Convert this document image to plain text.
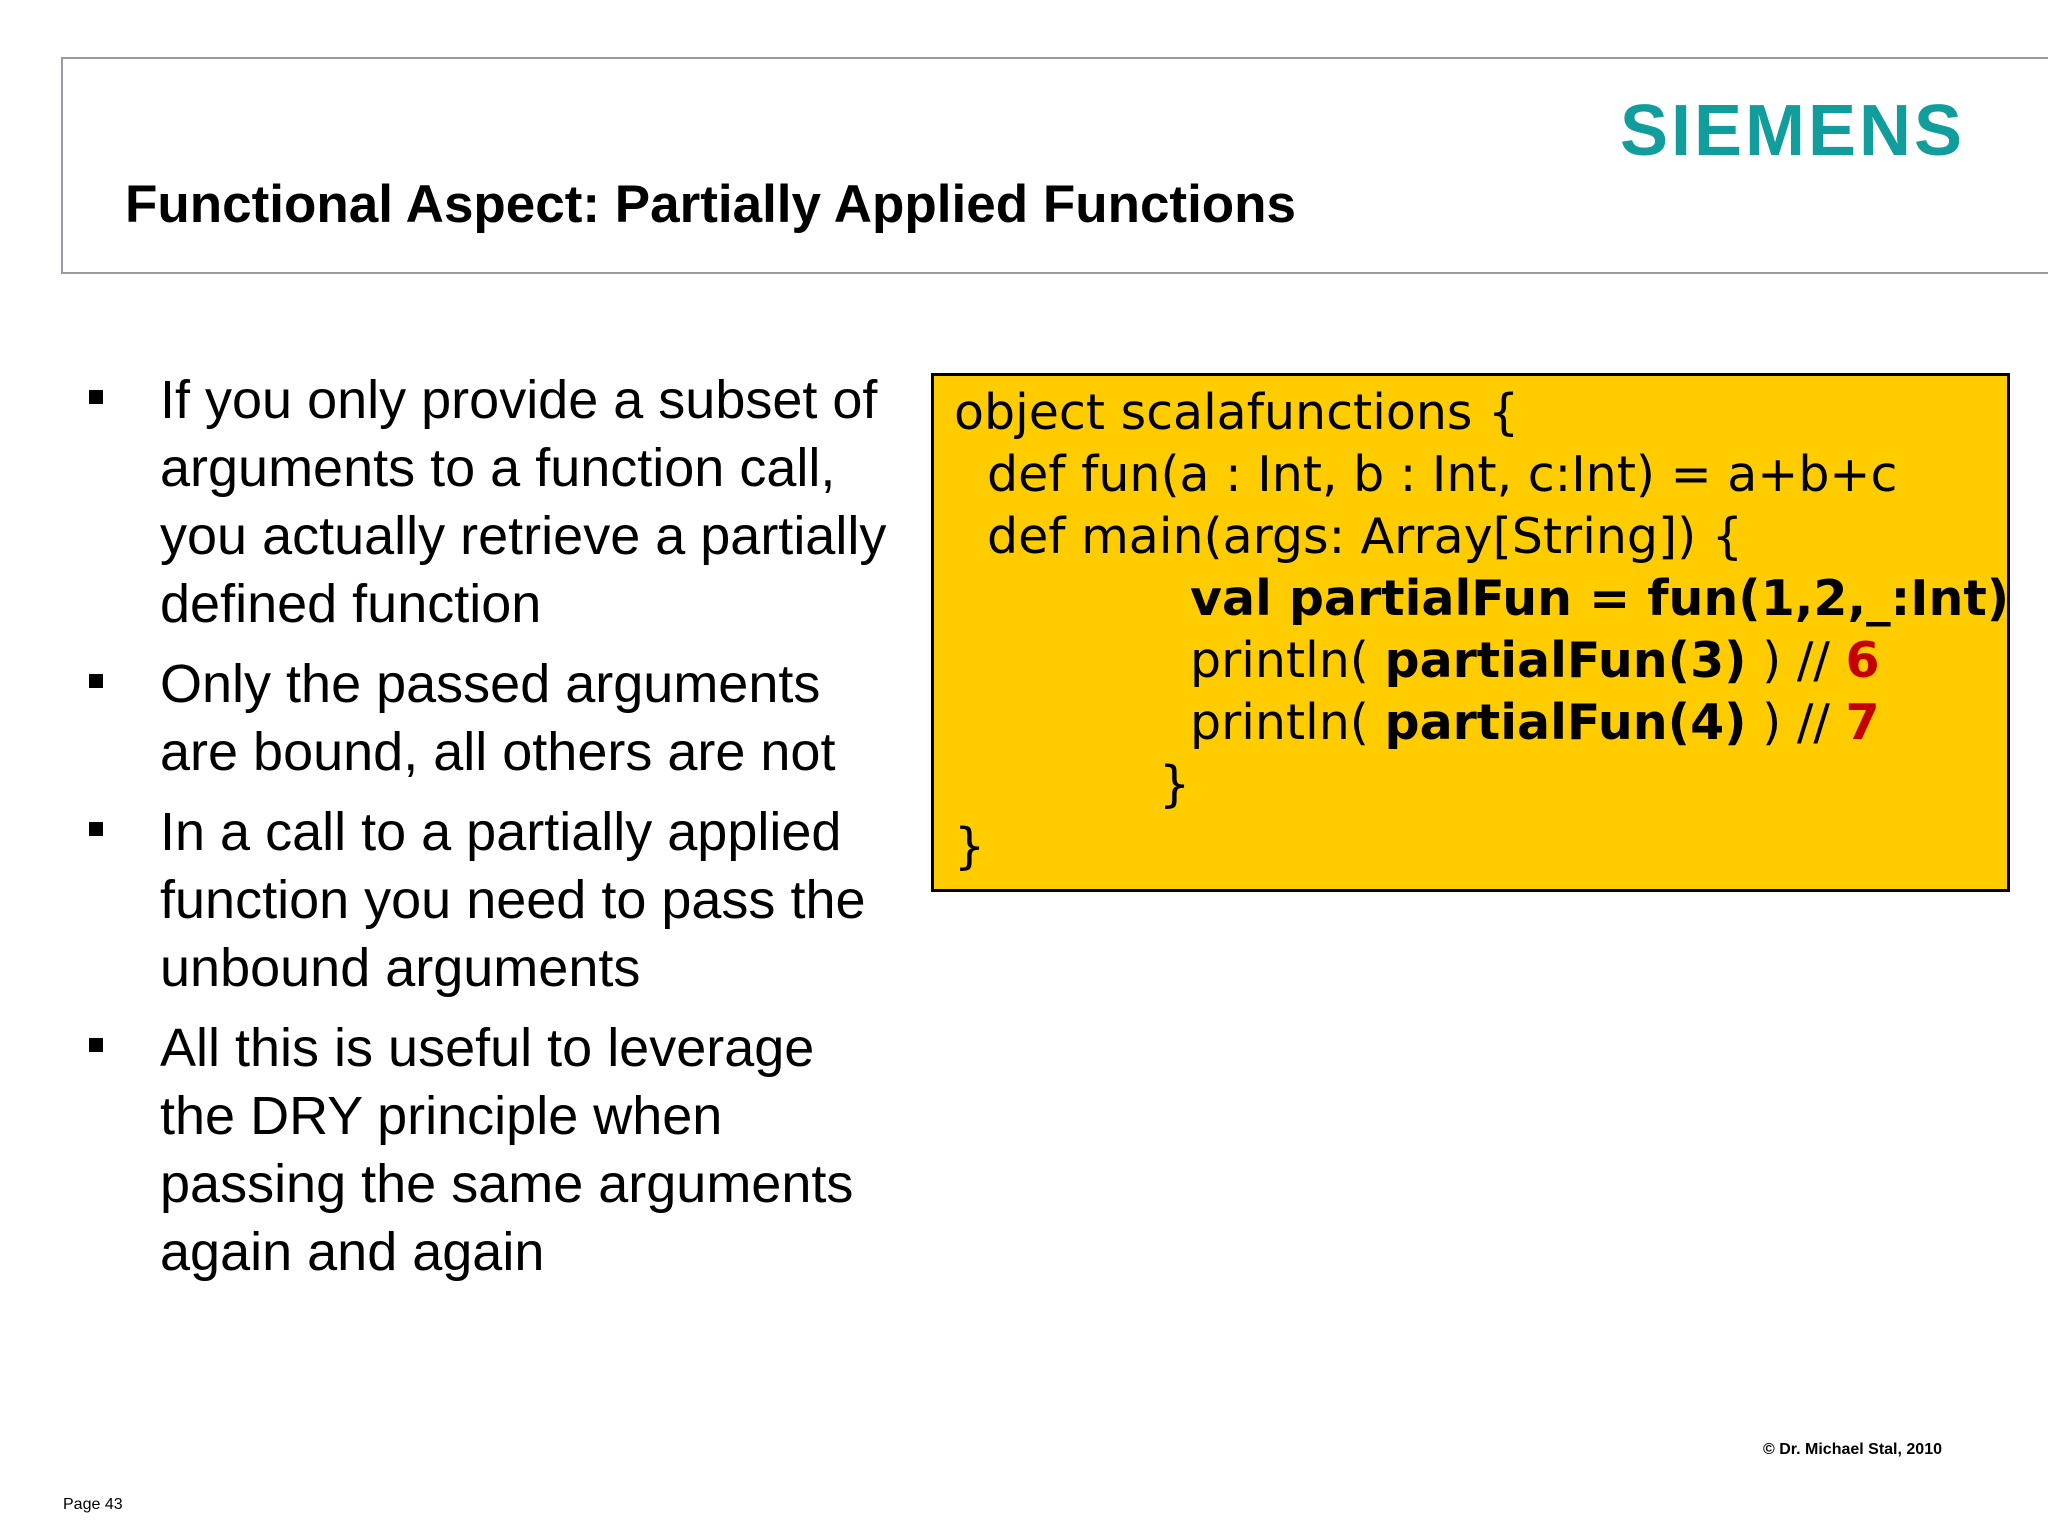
Functional Aspect: Partially Applied Functions
SIEMENS
If you only provide a subset of arguments to a function call, you actually retrieve a partially defined function
Only the passed arguments are bound, all others are not
In a call to a partially applied function you need to pass the unbound arguments
All this is useful to leverage the DRY principle when passing the same arguments again and again
object scalafunctions {
def fun(a : Int, b : Int, c:Int) = a+b+c
def main(args: Array[String]) {
val partialFun = fun(1,2,_:Int)
println( partialFun(3) ) // 6
println( partialFun(4) ) // 7
}
}
© Dr. Michael Stal, 2010
Page 43
